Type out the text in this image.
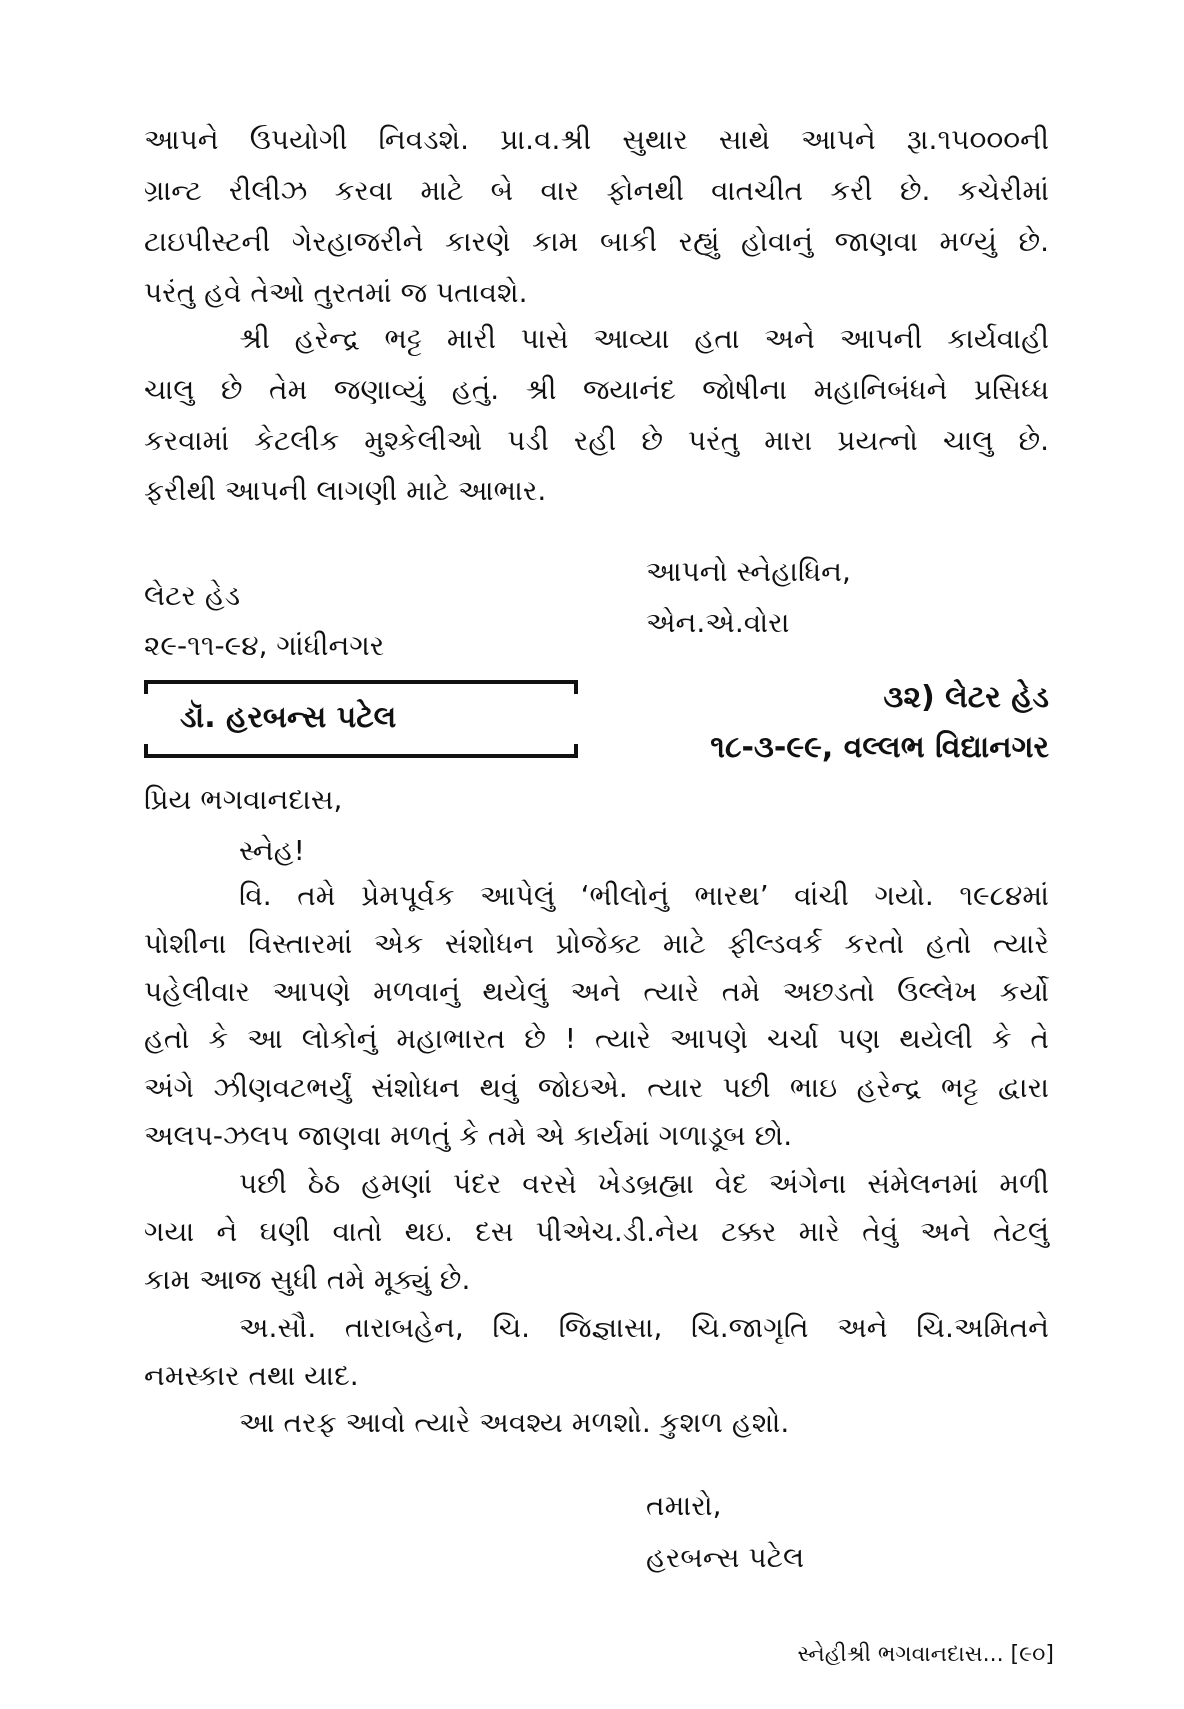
આપને ઉપયોગી નિવડશે. પ્રા.વ.શ્રી સુથાર સાથે આપને રૂા.૧૫૦૦૦ની
ગ્રાન્ટ રીલીઝ કરવા માટે બે વાર ફોનથી વાતચીત કરી છે. કચેરીમાં
ટાઇપીસ્ટની ગેરહાજરીને કારણે કામ બાકી રહ્યું હોવાનું જાણવા મળ્યું છે.
પરંતુ હવે તેઓ તુરતમાં જ પતાવશે.
શ્રી હરેન્દ્ર ભટ્ટ મારી પાસે આવ્યા હતા અને આપની કાર્યવાહી
ચાલુ છે તેમ જણાવ્યું હતું. શ્રી જયાનંદ જોષીના મહાનિબંધને પ્રસિધ્ધ
કરવામાં કેટલીક મુશ્કેલીઓ પડી રહી છે પરંતુ મારા પ્રયત્નો ચાલુ છે.
ફરીથી આપની લાગણી માટે આભાર.
આપનો સ્નેહાધિન,
એન.એ.વોરા
લેટર હેડ
૨૯-૧૧-૯૪, ગાંધીનગર
ડૉ. હરબન્સ પટેલ
૩૨) લેટર હેડ
૧૮-૩-૯૯, વલ્લભ વિદ્યાનગર
પ્રિય ભગવાનદાસ,
સ્નેહ!
વિ. તમે પ્રેમપૂર્વક આપેલું ‘ભીલોનું ભારથ’ વાંચી ગયો. ૧૯૮૪માં
પોશીના વિસ્તારમાં એક સંશોધન પ્રોજેક્ટ માટે ફીલ્ડવર્ક કરતો હતો ત્યારે
પહેલીવાર આપણે મળવાનું થયેલું અને ત્યારે તમે અછડતો ઉલ્લેખ કર્યો
હતો કે આ લોકોનું મહાભારત છે ! ત્યારે આપણે ચર્ચા પણ થયેલી કે તે
અંગે ઝીણવટભર્યું સંશોધન થવું જોઇએ. ત્યાર પછી ભાઇ હરેન્દ્ર ભટ્ટ દ્વારા
અલપ-ઝલપ જાણવા મળતું કે તમે એ કાર્યમાં ગળાડૂબ છો.
પછી ઠેઠ હમણાં પંદર વરસે ખેડબ્રહ્મા વેદ અંગેના સંમેલનમાં મળી
ગયા ને ઘણી વાતો થઇ. દસ પીએચ.ડી.નેય ટક્કર મારે તેવું અને તેટલું
કામ આજ સુધી તમે મૂક્યું છે.
અ.સૌ. તારાબહેન, ચિ. જિજ્ઞાસા, ચિ.જાગૃતિ અને ચિ.અમિતને
નમસ્કાર તથા યાદ.
આ તરફ આવો ત્યારે અવશ્ય મળશો. કુશળ હશો.
તમારો,
હરબન્સ પટેલ
સ્નેહીશ્રી ભગવાનદાસ... [૯૦]
